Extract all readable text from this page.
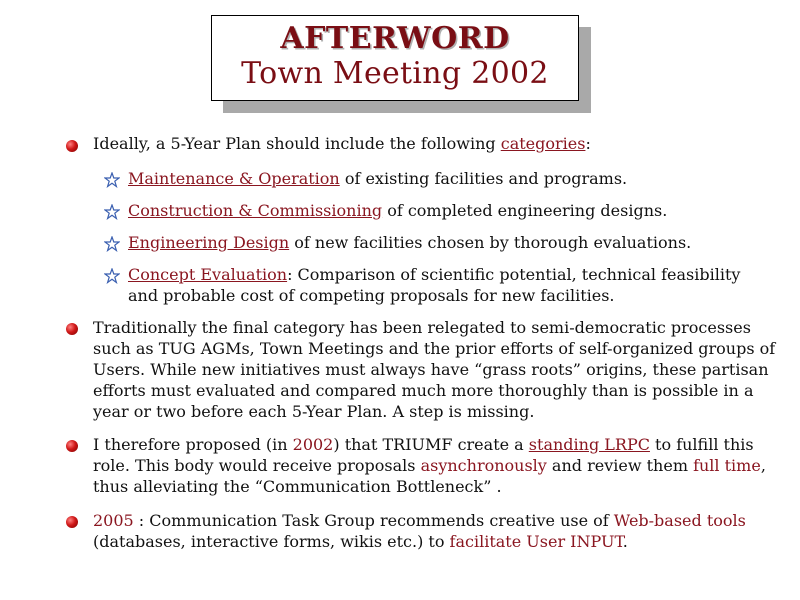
AFTERWORD
Town Meeting 2002
Ideally, a 5-Year Plan should include the following categories:
Maintenance & Operation of existing facilities and programs.
Construction & Commissioning of completed engineering designs.
Engineering Design of new facilities chosen by thorough evaluations.
Concept Evaluation: Comparison of scientific potential, technical feasibility and probable cost of competing proposals for new facilities.
Traditionally the final category has been relegated to semi-democratic processes such as TUG AGMs, Town Meetings and the prior efforts of self-organized groups of Users. While new initiatives must always have “grass roots” origins, these partisan efforts must evaluated and compared much more thoroughly than is possible in a year or two before each 5-Year Plan. A step is missing.
I therefore proposed (in 2002) that TRIUMF create a standing LRPC to fulfill this role. This body would receive proposals asynchronously and review them full time, thus alleviating the “Communication Bottleneck” .
2005 : Communication Task Group recommends creative use of Web-based tools (databases, interactive forms, wikis etc.) to facilitate User INPUT.
